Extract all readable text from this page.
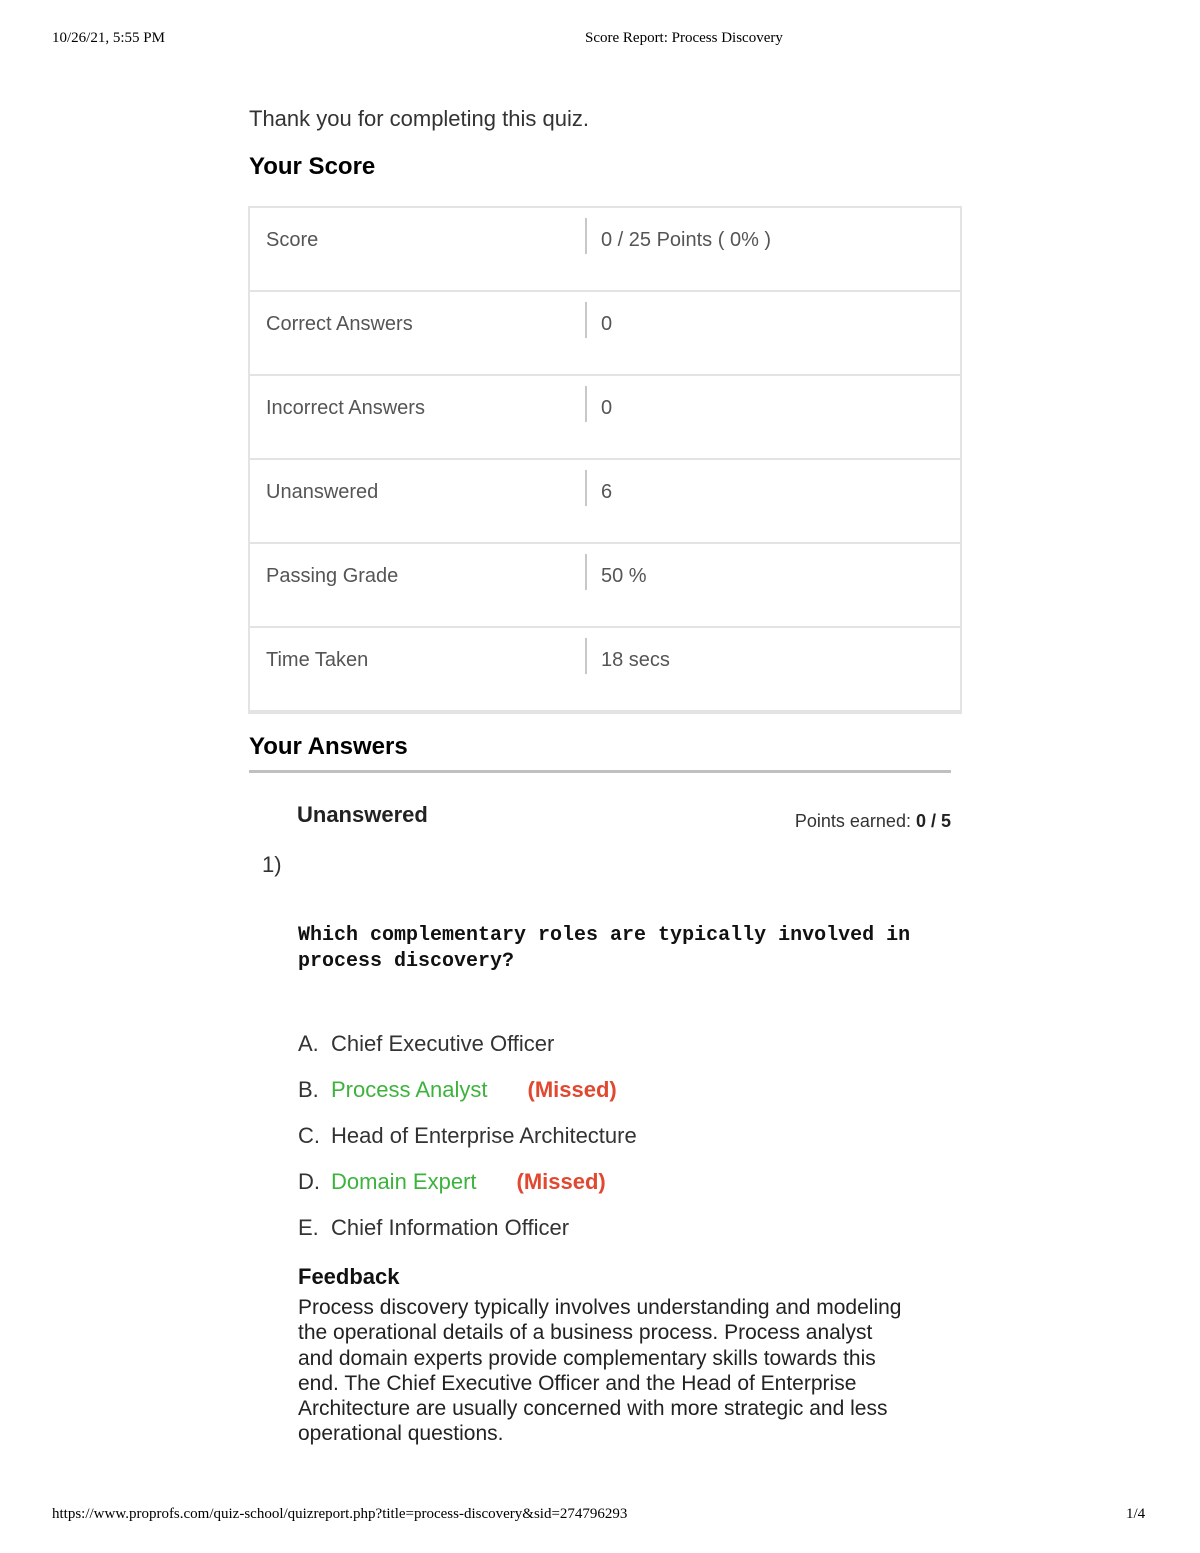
10/26/21, 5:55 PM	Score Report: Process Discovery
Thank you for completing this quiz.
Your Score
Score	0 / 25 Points ( 0% )
Correct Answers	0
Incorrect Answers	0
Unanswered	6
Passing Grade	50 %
Time Taken	18 secs
Your Answers
Unanswered	Points earned: 0 / 5
1)
Which complementary roles are typically involved in process discovery?
A. Chief Executive Officer
B. Process Analyst (Missed)
C. Head of Enterprise Architecture
D. Domain Expert (Missed)
E. Chief Information Officer
Feedback
Process discovery typically involves understanding and modeling the operational details of a business process. Process analyst and domain experts provide complementary skills towards this end. The Chief Executive Officer and the Head of Enterprise Architecture are usually concerned with more strategic and less operational questions.
https://www.proprofs.com/quiz-school/quizreport.php?title=process-discovery&sid=274796293	1/4
